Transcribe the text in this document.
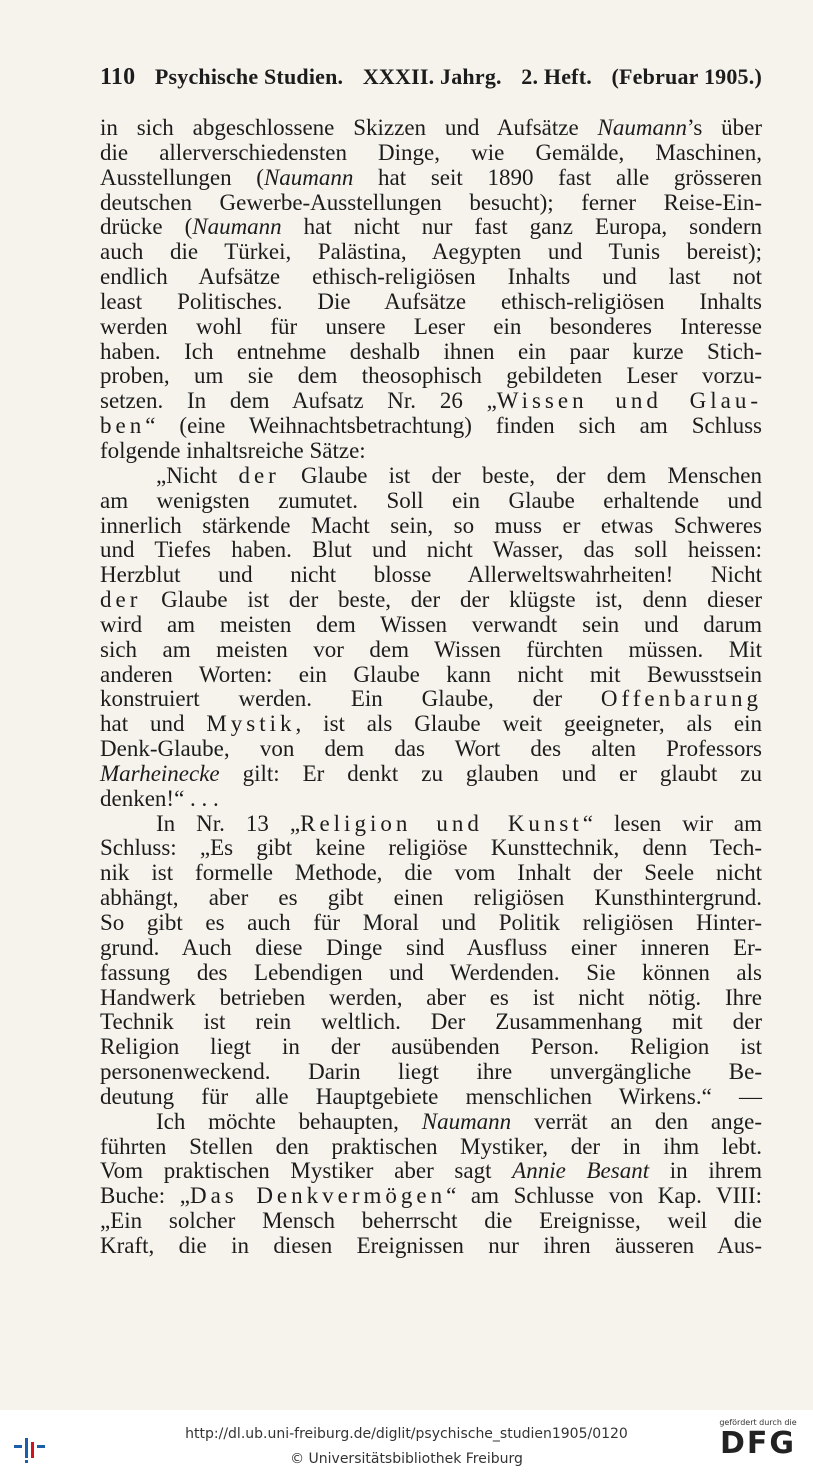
110 Psychische Studien. XXXII. Jahrg. 2. Heft. (Februar 1905.)
in sich abgeschlossene Skizzen und Aufsätze Naumann’s über
die allerverschiedensten Dinge, wie Gemälde, Maschinen,
Ausstellungen (Naumann hat seit 1890 fast alle grösseren
deutschen Gewerbe-Ausstellungen besucht); ferner Reise-Ein-
drücke (Naumann hat nicht nur fast ganz Europa, sondern
auch die Türkei, Palästina, Aegypten und Tunis bereist);
endlich Aufsätze ethisch-religiösen Inhalts und last not
least Politisches. Die Aufsätze ethisch-religiösen Inhalts
werden wohl für unsere Leser ein besonderes Interesse
haben. Ich entnehme deshalb ihnen ein paar kurze Stich-
proben, um sie dem theosophisch gebildeten Leser vorzu-
setzen. In dem Aufsatz Nr. 26 „Wissen und Glau-
ben“ (eine Weihnachtsbetrachtung) finden sich am Schluss
folgende inhaltsreiche Sätze:
„Nicht der Glaube ist der beste, der dem Menschen
am wenigsten zumutet. Soll ein Glaube erhaltende und
innerlich stärkende Macht sein, so muss er etwas Schweres
und Tiefes haben. Blut und nicht Wasser, das soll heissen:
Herzblut und nicht blosse Allerweltswahrheiten! Nicht
der Glaube ist der beste, der der klügste ist, denn dieser
wird am meisten dem Wissen verwandt sein und darum
sich am meisten vor dem Wissen fürchten müssen. Mit
anderen Worten: ein Glaube kann nicht mit Bewusstsein
konstruiert werden. Ein Glaube, der Offenbarung
hat und Mystik, ist als Glaube weit geeigneter, als ein
Denk-Glaube, von dem das Wort des alten Professors
Marheinecke gilt: Er denkt zu glauben und er glaubt zu
denken!“ . . .
In Nr. 13 „Religion und Kunst“ lesen wir am
Schluss: „Es gibt keine religiöse Kunsttechnik, denn Tech-
nik ist formelle Methode, die vom Inhalt der Seele nicht
abhängt, aber es gibt einen religiösen Kunsthintergrund.
So gibt es auch für Moral und Politik religiösen Hinter-
grund. Auch diese Dinge sind Ausfluss einer inneren Er-
fassung des Lebendigen und Werdenden. Sie können als
Handwerk betrieben werden, aber es ist nicht nötig. Ihre
Technik ist rein weltlich. Der Zusammenhang mit der
Religion liegt in der ausübenden Person. Religion ist
personenweckend. Darin liegt ihre unvergängliche Be-
deutung für alle Hauptgebiete menschlichen Wirkens.“ —
Ich möchte behaupten, Naumann verrät an den ange-
führten Stellen den praktischen Mystiker, der in ihm lebt.
Vom praktischen Mystiker aber sagt Annie Besant in ihrem
Buche: „Das Denkvermögen“ am Schlusse von Kap. VIII:
„Ein solcher Mensch beherrscht die Ereignisse, weil die
Kraft, die in diesen Ereignissen nur ihren äusseren Aus-
http://dl.ub.uni-freiburg.de/diglit/psychische_studien1905/0120
© Universitätsbibliothek Freiburg
gefördert durch die
DFG
